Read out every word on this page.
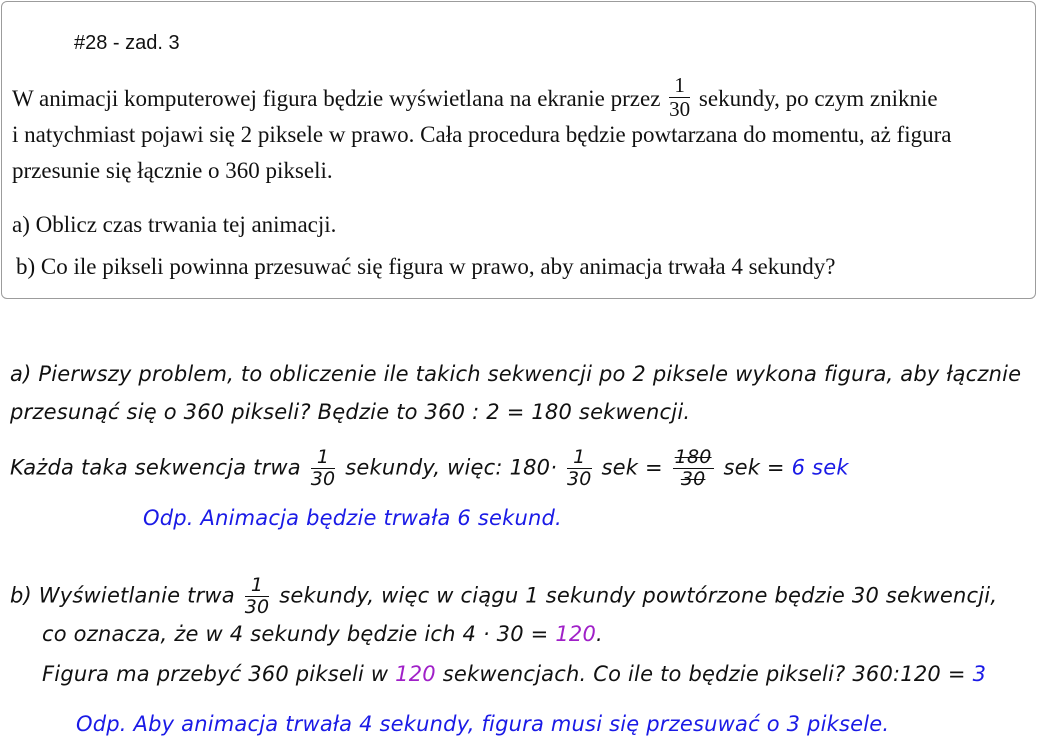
#28 - zad. 3
W animacji komputerowej figura będzie wyświetlana na ekranie przez $\frac{1}{30}$ sekundy, po czym zniknie
i natychmiast pojawi się 2 piksele w prawo. Cała procedura będzie powtarzana do momentu, aż figura
przesunie się łącznie o 360 pikseli.
a) Oblicz czas trwania tej animacji.
b) Co ile pikseli powinna przesuwać się figura w prawo, aby animacja trwała 4 sekundy?
a) Pierwszy problem, to obliczenie ile takich sekwencji po 2 piksele wykona figura, aby łącznie
przesunąć się o 360 pikseli? Będzie to 360 : 2 = 180 sekwencji.
Każda taka sekwencja trwa $\frac{1}{30}$ sekundy, więc: $180\cdot \frac{1}{30}$ sek = $\frac{180}{30}$ sek = 6 sek
Odp. Animacja będzie trwała 6 sekund.
b) Wyświetlanie trwa $\frac{1}{30}$ sekundy, więc w ciągu 1 sekundy powtórzone będzie 30 sekwencji,
co oznacza, że w 4 sekundy będzie ich 4 · 30 = 120.
Figura ma przebyć 360 pikseli w 120 sekwencjach. Co ile to będzie pikseli? 360:120 = 3
Odp. Aby animacja trwała 4 sekundy, figura musi się przesuwać o 3 piksele.
